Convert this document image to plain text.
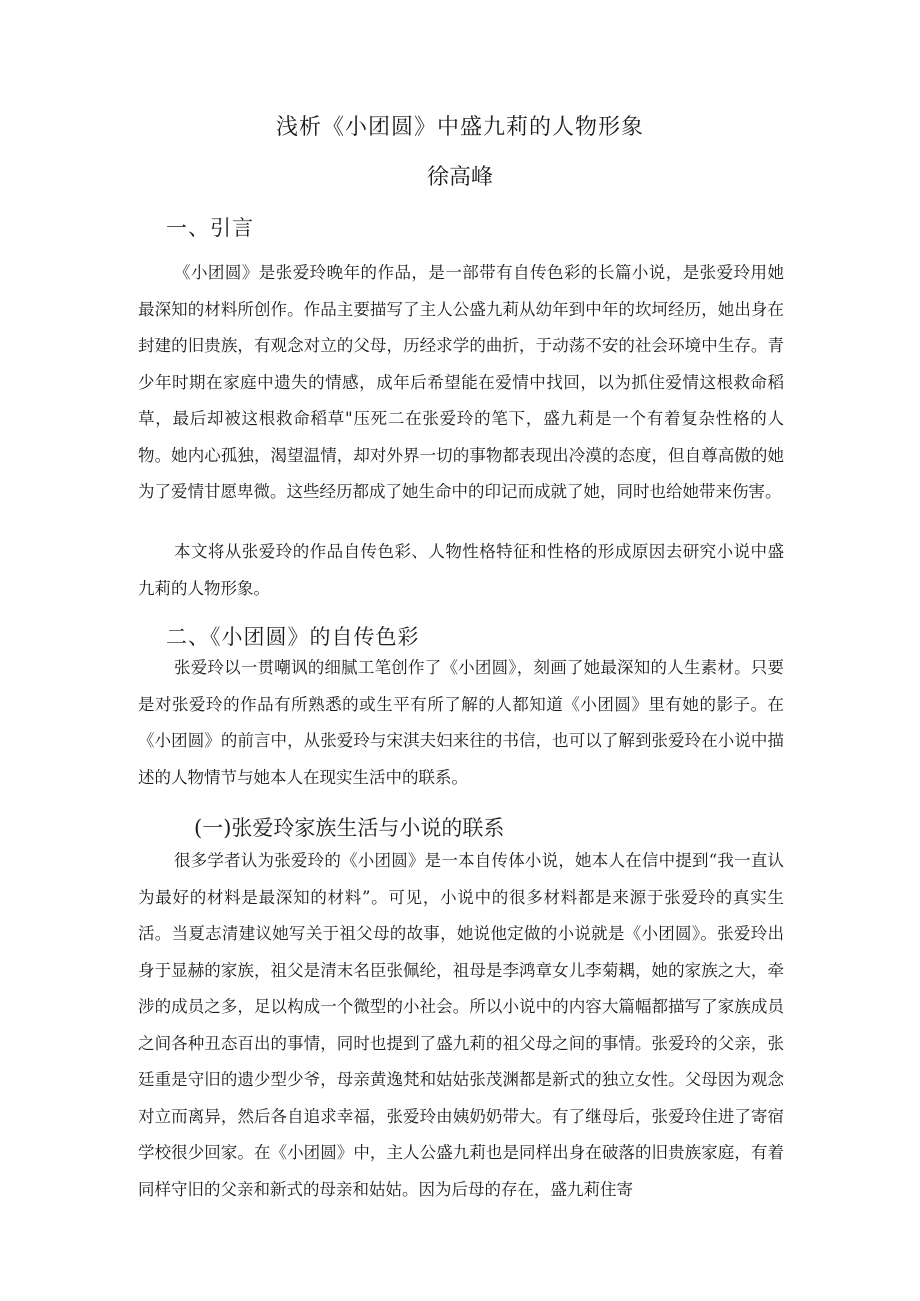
浅析《小团圆》中盛九莉的人物形象
徐高峰
一、引言

《小团圆》是张爱玲晚年的作品，是一部带有自传色彩的长篇小说，是张爱玲用她最深知的材料所创作。作品主要描写了主人公盛九莉从幼年到中年的坎坷经历，她出身在封建的旧贵族，有观念对立的父母，历经求学的曲折，于动荡不安的社会环境中生存。青少年时期在家庭中遗失的情感，成年后希望能在爱情中找回，以为抓住爱情这根救命稻草，最后却被这根救命稻草"压死二在张爱玲的笔下，盛九莉是一个有着复杂性格的人物。她内心孤独，渴望温情，却对外界一切的事物都表现出冷漠的态度，但自尊高傲的她为了爱情甘愿卑微。这些经历都成了她生命中的印记而成就了她，同时也给她带来伤害。

本文将从张爱玲的作品自传色彩、人物性格特征和性格的形成原因去研究小说中盛九莉的人物形象。

二、《小团圆》的自传色彩

张爱玲以一贯嘲讽的细腻工笔创作了《小团圆》，刻画了她最深知的人生素材。只要是对张爱玲的作品有所熟悉的或生平有所了解的人都知道《小团圆》里有她的影子。在《小团圆》的前言中，从张爱玲与宋淇夫妇来往的书信，也可以了解到张爱玲在小说中描述的人物情节与她本人在现实生活中的联系。

(一)张爱玲家族生活与小说的联系

很多学者认为张爱玲的《小团圆》是一本自传体小说，她本人在信中提到“我一直认为最好的材料是最深知的材料”。可见，小说中的很多材料都是来源于张爱玲的真实生活。当夏志清建议她写关于祖父母的故事，她说他定做的小说就是《小团圆》。张爱玲出身于显赫的家族，祖父是清末名臣张佩纶，祖母是李鸿章女儿李菊耦，她的家族之大，牵涉的成员之多，足以构成一个微型的小社会。所以小说中的内容大篇幅都描写了家族成员之间各种丑态百出的事情，同时也提到了盛九莉的祖父母之间的事情。张爱玲的父亲，张廷重是守旧的遗少型少爷，母亲黄逸梵和姑姑张茂渊都是新式的独立女性。父母因为观念对立而离异，然后各自追求幸福，张爱玲由姨奶奶带大。有了继母后，张爱玲住进了寄宿学校很少回家。在《小团圆》中，主人公盛九莉也是同样出身在破落的旧贵族家庭，有着同样守旧的父亲和新式的母亲和姑姑。因为后母的存在，盛九莉住寄
